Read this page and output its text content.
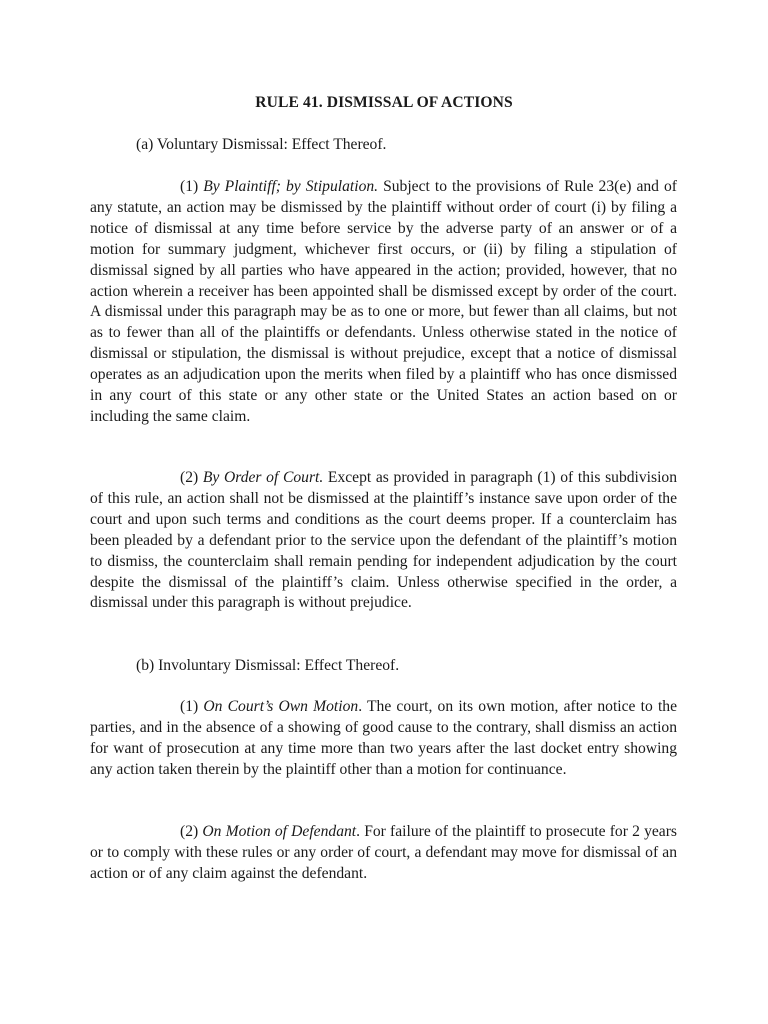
RULE 41. DISMISSAL OF ACTIONS

(a) Voluntary Dismissal: Effect Thereof.

(1) By Plaintiff; by Stipulation. Subject to the provisions of Rule 23(e) and of any statute, an action may be dismissed by the plaintiff without order of court (i) by filing a notice of dismissal at any time before service by the adverse party of an answer or of a motion for summary judgment, whichever first occurs, or (ii) by filing a stipulation of dismissal signed by all parties who have appeared in the action; provided, however, that no action wherein a receiver has been appointed shall be dismissed except by order of the court. A dismissal under this paragraph may be as to one or more, but fewer than all claims, but not as to fewer than all of the plaintiffs or defendants. Unless otherwise stated in the notice of dismissal or stipulation, the dismissal is without prejudice, except that a notice of dismissal operates as an adjudication upon the merits when filed by a plaintiff who has once dismissed in any court of this state or any other state or the United States an action based on or including the same claim.

(2) By Order of Court. Except as provided in paragraph (1) of this subdivision of this rule, an action shall not be dismissed at the plaintiff’s instance save upon order of the court and upon such terms and conditions as the court deems proper. If a counterclaim has been pleaded by a defendant prior to the service upon the defendant of the plaintiff’s motion to dismiss, the counterclaim shall remain pending for independent adjudication by the court despite the dismissal of the plaintiff’s claim. Unless otherwise specified in the order, a dismissal under this paragraph is without prejudice.

(b) Involuntary Dismissal: Effect Thereof.

(1) On Court’s Own Motion. The court, on its own motion, after notice to the parties, and in the absence of a showing of good cause to the contrary, shall dismiss an action for want of prosecution at any time more than two years after the last docket entry showing any action taken therein by the plaintiff other than a motion for continuance.

(2) On Motion of Defendant. For failure of the plaintiff to prosecute for 2 years or to comply with these rules or any order of court, a defendant may move for dismissal of an action or of any claim against the defendant.
